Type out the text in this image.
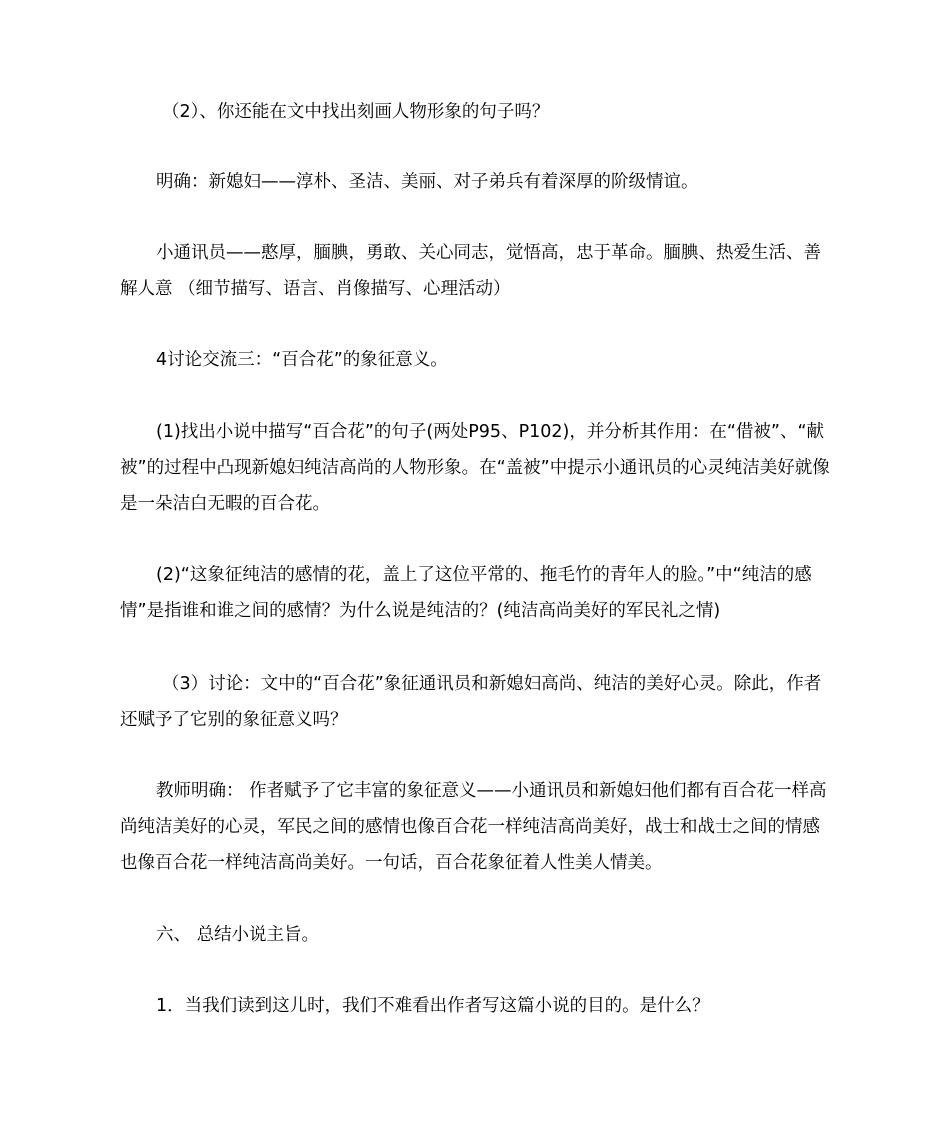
（2）、你还能在文中找出刻画人物形象的句子吗？

明确：新媳妇——淳朴、圣洁、美丽、对子弟兵有着深厚的阶级情谊。

小通讯员——憨厚，腼腆，勇敢、关心同志，觉悟高，忠于革命。腼腆、热爱生活、善解人意 （细节描写、语言、肖像描写、心理活动）

4讨论交流三：“百合花”的象征意义。

(1)找出小说中描写“百合花”的句子(两处P95、P102)，并分析其作用：在“借被”、“献被”的过程中凸现新媳妇纯洁高尚的人物形象。在“盖被”中提示小通讯员的心灵纯洁美好就像是一朵洁白无暇的百合花。

(2)“这象征纯洁的感情的花，盖上了这位平常的、拖毛竹的青年人的脸。”中“纯洁的感情”是指谁和谁之间的感情？为什么说是纯洁的？(纯洁高尚美好的军民礼之情)

（3）讨论：文中的“百合花”象征通讯员和新媳妇高尚、纯洁的美好心灵。除此，作者还赋予了它别的象征意义吗？

教师明确： 作者赋予了它丰富的象征意义——小通讯员和新媳妇他们都有百合花一样高尚纯洁美好的心灵，军民之间的感情也像百合花一样纯洁高尚美好，战士和战士之间的情感也像百合花一样纯洁高尚美好。一句话，百合花象征着人性美人情美。

六、 总结小说主旨。

1．当我们读到这儿时，我们不难看出作者写这篇小说的目的。是什么？
